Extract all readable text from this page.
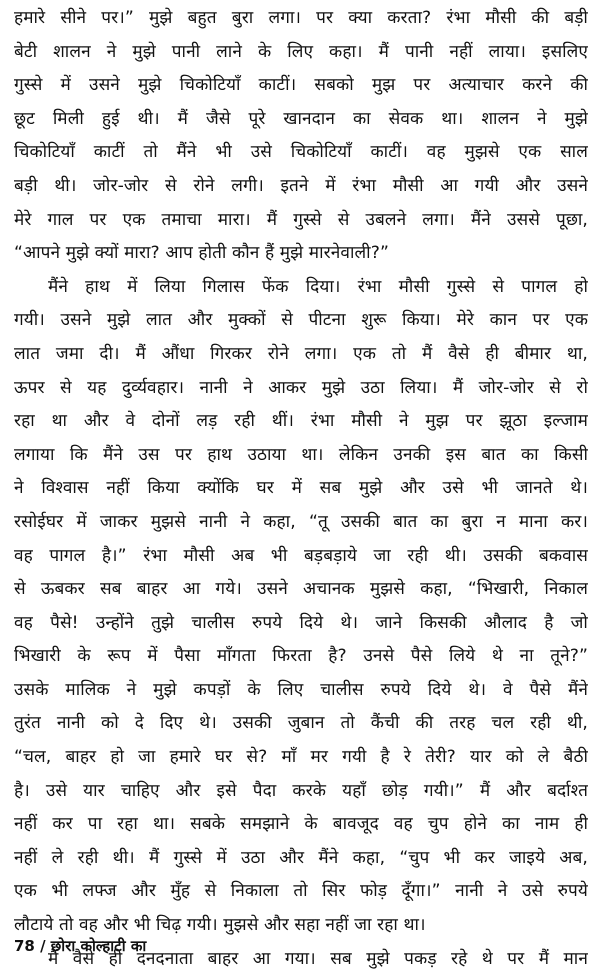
हमारे सीने पर।” मुझे बहुत बुरा लगा। पर क्या करता? रंभा मौसी की बड़ी
बेटी शालन ने मुझे पानी लाने के लिए कहा। मैं पानी नहीं लाया। इसलिए
गुस्से में उसने मुझे चिकोटियाँ काटीं। सबको मुझ पर अत्याचार करने की
छूट मिली हुई थी। मैं जैसे पूरे खानदान का सेवक था। शालन ने मुझे
चिकोटियाँ काटीं तो मैंने भी उसे चिकोटियाँ काटीं। वह मुझसे एक साल
बड़ी थी। जोर-जोर से रोने लगी। इतने में रंभा मौसी आ गयी और उसने
मेरे गाल पर एक तमाचा मारा। मैं गुस्से से उबलने लगा। मैंने उससे पूछा,
“आपने मुझे क्यों मारा? आप होती कौन हैं मुझे मारनेवाली?”
मैंने हाथ में लिया गिलास फेंक दिया। रंभा मौसी गुस्से से पागल हो
गयी। उसने मुझे लात और मुक्कों से पीटना शुरू किया। मेरे कान पर एक
लात जमा दी। मैं औंधा गिरकर रोने लगा। एक तो मैं वैसे ही बीमार था,
ऊपर से यह दुर्व्यवहार। नानी ने आकर मुझे उठा लिया। मैं जोर-जोर से रो
रहा था और वे दोनों लड़ रही थीं। रंभा मौसी ने मुझ पर झूठा इल्जाम
लगाया कि मैंने उस पर हाथ उठाया था। लेकिन उनकी इस बात का किसी
ने विश्वास नहीं किया क्योंकि घर में सब मुझे और उसे भी जानते थे।
रसोईघर में जाकर मुझसे नानी ने कहा, “तू उसकी बात का बुरा न माना कर।
वह पागल है।” रंभा मौसी अब भी बड़बड़ाये जा रही थी। उसकी बकवास
से ऊबकर सब बाहर आ गये। उसने अचानक मुझसे कहा, “भिखारी, निकाल
वह पैसे! उन्होंने तुझे चालीस रुपये दिये थे। जाने किसकी औलाद है जो
भिखारी के रूप में पैसा माँगता फिरता है? उनसे पैसे लिये थे ना तूने?”
उसके मालिक ने मुझे कपड़ों के लिए चालीस रुपये दिये थे। वे पैसे मैंने
तुरंत नानी को दे दिए थे। उसकी जुबान तो कैंची की तरह चल रही थी,
“चल, बाहर हो जा हमारे घर से? माँ मर गयी है रे तेरी? यार को ले बैठी
है। उसे यार चाहिए और इसे पैदा करके यहाँ छोड़ गयी।” मैं और बर्दाश्त
नहीं कर पा रहा था। सबके समझाने के बावजूद वह चुप होने का नाम ही
नहीं ले रही थी। मैं गुस्से में उठा और मैंने कहा, “चुप भी कर जाइये अब,
एक भी लफ्ज और मुँह से निकाला तो सिर फोड़ दूँगा।” नानी ने उसे रुपये
लौटाये तो वह और भी चिढ़ गयी। मुझसे और सहा नहीं जा रहा था।
मैं वैसे ही दनदनाता बाहर आ गया। सब मुझे पकड़ रहे थे पर मैं मान
78 / छोरा कोल्हाटी का
